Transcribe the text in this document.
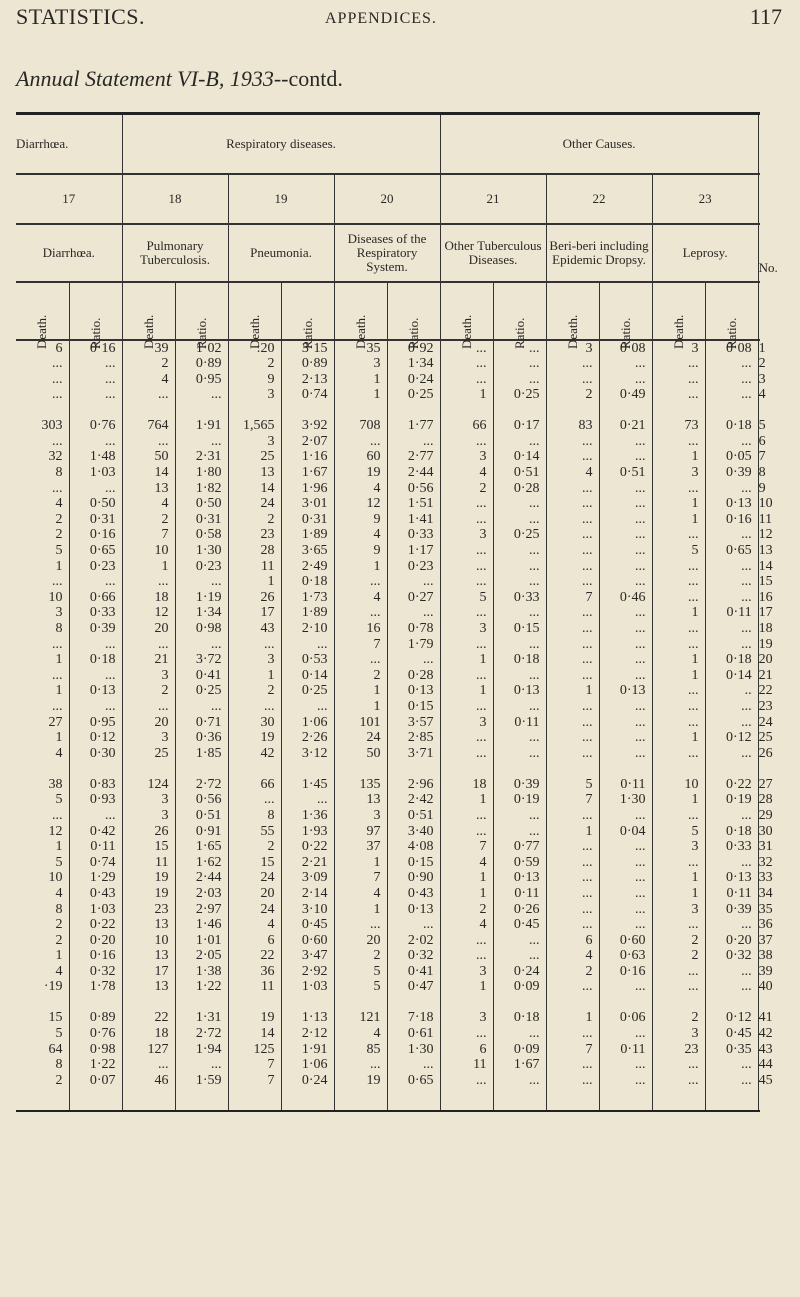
STATISTICS.	APPENDICES.	117
Annual Statement VI-B, 1933--contd.
Diarrhœa.		Respiratory diseases.						Other Causes.						
17		18		19		20		21		22		23		
Diarrhœa.		Pulmonary Tuberculosis.		Pneumonia.		Diseases of the Respiratory System.		Other Tuberculous Diseases.		Beri-beri including Epidemic Dropsy.		Leprosy.		No.

Death.	Ratio.	Death.	Ratio.	Death.	Ratio.	Death.	Ratio.	Death.	Ratio.	Death.	Ratio.	Death.	Ratio.	

6	0·16	39	1·02	:20	3·15	35	0·92	...	...	3	0·08	3	0·08	1
...	...	2	0·89	2	0·89	3	1·34	...	...	...	...	...	...	2
...	...	4	0·95	9	2·13	1	0·24	...	...	...	...	...	...	3
...	...	...	...	3	0·74	1	0·25	1	0·25	2	0·49	...	...	4
303	0·76	764	1·91	1,565	3·92	708	1·77	66	0·17	83	0·21	73	0·18	5
...	...	...	...	3	2·07	...	...	...	...	...	...	...	...	6
32	1·48	50	2·31	25	1·16	60	2·77	3	0·14	...	...	1	0·05	7
8	1·03	14	1·80	13	1·67	19	2·44	4	0·51	4	0·51	3	0·39	8
...	...	13	1·82	14	1·96	4	0·56	2	0·28	...	...	...	...	9
4	0·50	4	0·50	24	3·01	12	1·51	...	...	...	...	1	0·13	10
2	0·31	2	0·31	2	0·31	9	1·41	...	...	...	...	1	0·16	11
2	0·16	7	0·58	23	1·89	4	0·33	3	0·25	...	...	...	...	12
5	0·65	10	1·30	28	3·65	9	1·17	...	...	...	...	5	0·65	13
1	0·23	1	0·23	11	2·49	1	0·23	...	...	...	...	...	...	14
...	...	...	...	1	0·18	...	...	...	...	...	...	...	...	15
10	0·66	18	1·19	26	1·73	4	0·27	5	0·33	7	0·46	...	...	16
3	0·33	12	1·34	17	1·89	...	...	...	...	...	...	1	0·11	17
8	0·39	20	0·98	43	2·10	16	0·78	3	0·15	...	...	...	...	18
...	...	...	...	...	...	7	1·79	...	...	...	...	...	...	19
1	0·18	21	3·72	3	0·53	...	...	1	0·18	...	...	1	0·18	20
...	...	3	0·41	1	0·14	2	0·28	...	...	...	...	1	0·14	21
1	0·13	2	0·25	2	0·25	1	0·13	1	0·13	1	0·13	...	..	22
...	...	...	...	...	...	1	0·15	...	...	...	...	...	...	23
27	0·95	20	0·71	30	1·06	101	3·57	3	0·11	...	...	...	...	24
1	0·12	3	0·36	19	2·26	24	2·85	...	...	...	...	1	0·12	25
4	0·30	25	1·85	42	3·12	50	3·71	...	...	...	...	...	...	26
38	0·83	124	2·72	66	1·45	135	2·96	18	0·39	5	0·11	10	0·22	27
5	0·93	3	0·56	...	...	13	2·42	1	0·19	7	1·30	1	0·19	28
...	...	3	0·51	8	1·36	3	0·51	...	...	...	...	...	...	29
12	0·42	26	0·91	55	1·93	97	3·40	...	...	1	0·04	5	0·18	30
1	0·11	15	1·65	2	0·22	37	4·08	7	0·77	...	...	3	0·33	31
5	0·74	11	1·62	15	2·21	1	0·15	4	0·59	...	...	...	...	32
10	1·29	19	2·44	24	3·09	7	0·90	1	0·13	...	...	1	0·13	33
4	0·43	19	2·03	20	2·14	4	0·43	1	0·11	...	...	1	0·11	34
8	1·03	23	2·97	24	3·10	1	0·13	2	0·26	...	...	3	0·39	35
2	0·22	13	1·46	4	0·45	...	...	4	0·45	...	...	...	...	36
2	0·20	10	1·01	6	0·60	20	2·02	...	...	6	0·60	2	0·20	37
1	0·16	13	2·05	22	3·47	2	0·32	...	...	4	0·63	2	0·32	38
4	0·32	17	1·38	36	2·92	5	0·41	3	0·24	2	0·16	...	...	39
·19	1·78	13	1·22	11	1·03	5	0·47	1	0·09	...	...	...	...	40
15	0·89	22	1·31	19	1·13	121	7·18	3	0·18	1	0·06	2	0·12	41
5	0·76	18	2·72	14	2·12	4	0·61	...	...	...	...	3	0·45	42
64	0·98	127	1·94	125	1·91	85	1·30	6	0·09	7	0·11	23	0·35	43
8	1·22	...	...	7	1·06	...	...	11	1·67	...	...	...	...	44
2	0·07	46	1·59	7	0·24	19	0·65	...	...	...	...	...	...	45
